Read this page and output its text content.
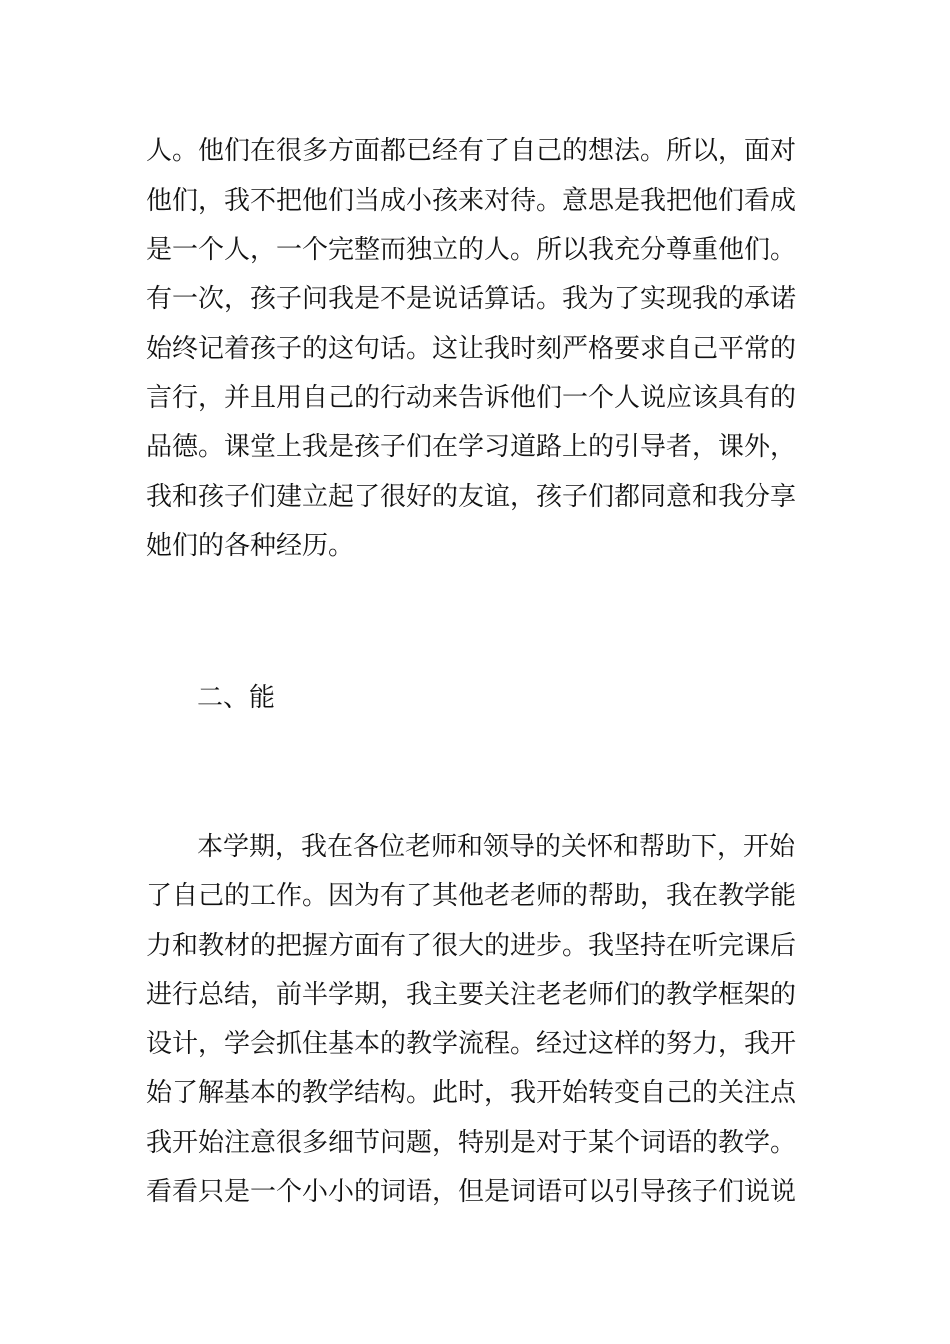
人。他们在很多方面都已经有了自己的想法。所以，面对
他们，我不把他们当成小孩来对待。意思是我把他们看成
是一个人，一个完整而独立的人。所以我充分尊重他们。
有一次，孩子问我是不是说话算话。我为了实现我的承诺
始终记着孩子的这句话。这让我时刻严格要求自己平常的
言行，并且用自己的行动来告诉他们一个人说应该具有的
品德。课堂上我是孩子们在学习道路上的引导者，课外，
我和孩子们建立起了很好的友谊，孩子们都同意和我分享
她们的各种经历。
二、能
本学期，我在各位老师和领导的关怀和帮助下，开始
了自己的工作。因为有了其他老老师的帮助，我在教学能
力和教材的把握方面有了很大的进步。我坚持在听完课后
进行总结，前半学期，我主要关注老老师们的教学框架的
设计，学会抓住基本的教学流程。经过这样的努力，我开
始了解基本的教学结构。此时，我开始转变自己的关注点
我开始注意很多细节问题，特别是对于某个词语的教学。
看看只是一个小小的词语，但是词语可以引导孩子们说说
